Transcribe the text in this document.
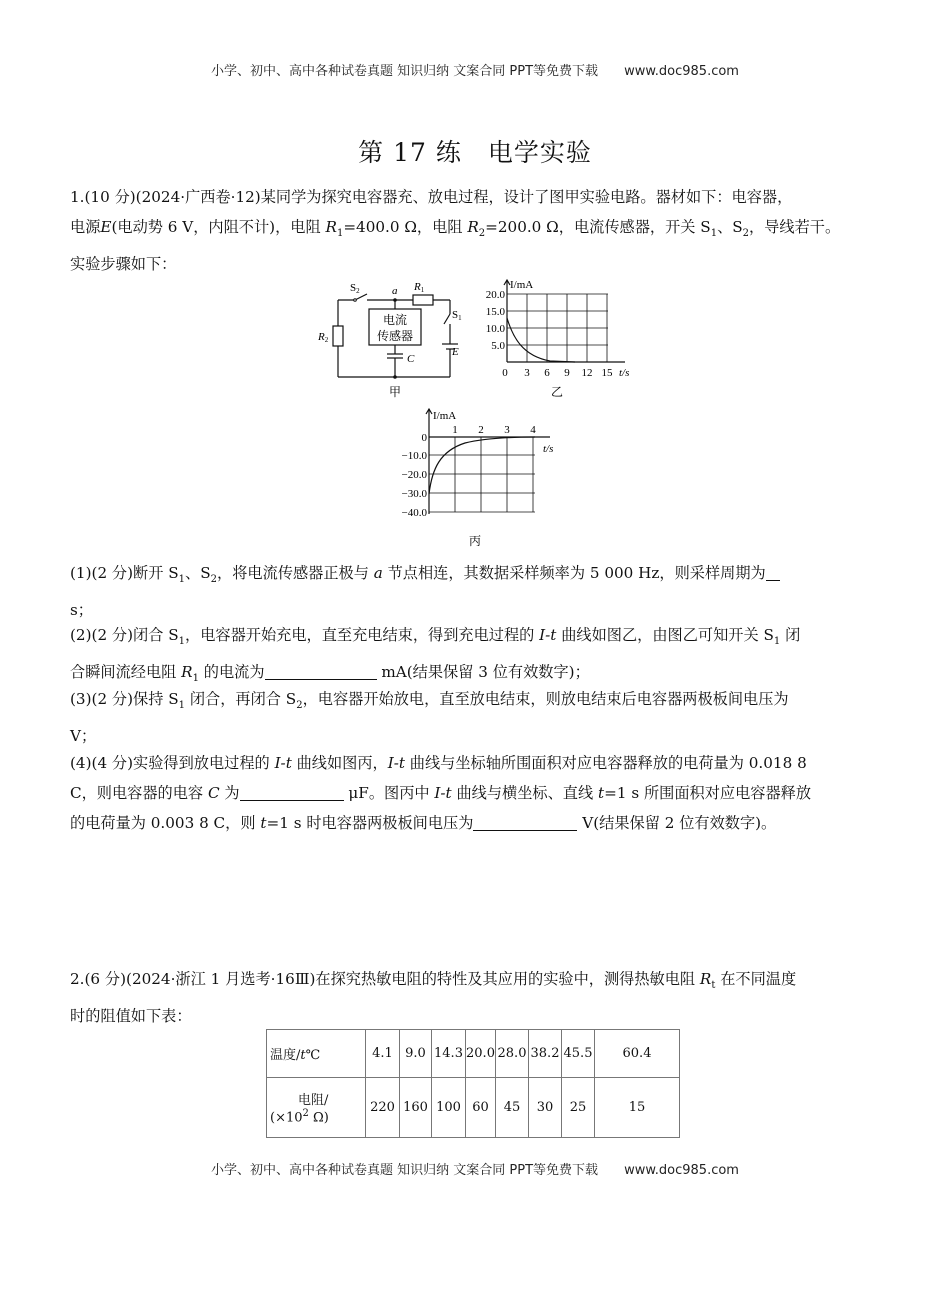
小学、初中、高中各种试卷真题 知识归纳 文案合同 PPT等免费下载 www.doc985.com
第 17 练　电学实验

1.(10 分)(2024·广西卷·12)某同学为探究电容器充、放电过程，设计了图甲实验电路。器材如下：电容器，
电源E(电动势 6 V，内阻不计)，电阻 $R_1=400.0$ Ω，电阻 $R_2=200.0$ Ω，电流传感器，开关 $S_1$、$S_2$，导线若干。
实验步骤如下：

S2	a R1
S1
R2
C
E
电流
传感器
甲
I/mA
20.0
15.0
10.0
5.0
0 3 6 9 12 15 t/s
乙
I/mA
0
−10.0
−20.0
−30.0
−40.0
1 2 3 4
t/s
丙

(1)(2 分)断开 $S_1$、$S_2$，将电流传感器正极与 a 节点相连，其数据采样频率为 5 000 Hz，则采样周期为
s；

(2)(2 分)闭合 $S_1$，电容器开始充电，直至充电结束，得到充电过程的 I-t 曲线如图乙，由图乙可知开关 $S_1$ 闭
合瞬间流经电阻 $R_1$ 的电流为	mA(结果保留 3 位有效数字)；

(3)(2 分)保持 $S_1$ 闭合，再闭合 $S_2$，电容器开始放电，直至放电结束，则放电结束后电容器两极板间电压为
V；

(4)(4 分)实验得到放电过程的 I-t 曲线如图丙，I-t 曲线与坐标轴所围面积对应电容器释放的电荷量为 0.018 8
C，则电容器的电容 C 为	μF。图丙中 I-t 曲线与横坐标、直线 t=1 s 所围面积对应电容器释放
的电荷量为 0.003 8 C，则 t=1 s 时电容器两极板间电压为	V(结果保留 2 位有效数字)。

2.(6 分)(2024·浙江 1 月选考·16Ⅲ)在探究热敏电阻的特性及其应用的实验中，测得热敏电阻 $R_t$ 在不同温度
时的阻值如下表：

温度/t℃	4.1	9.0	14.3	20.0	28.0	38.2	45.5	60.4

电阻/
($\times 10^2$ Ω)	220	160	100	60	45	30	25	15
小学、初中、高中各种试卷真题 知识归纳 文案合同 PPT等免费下载 www.doc985.com
